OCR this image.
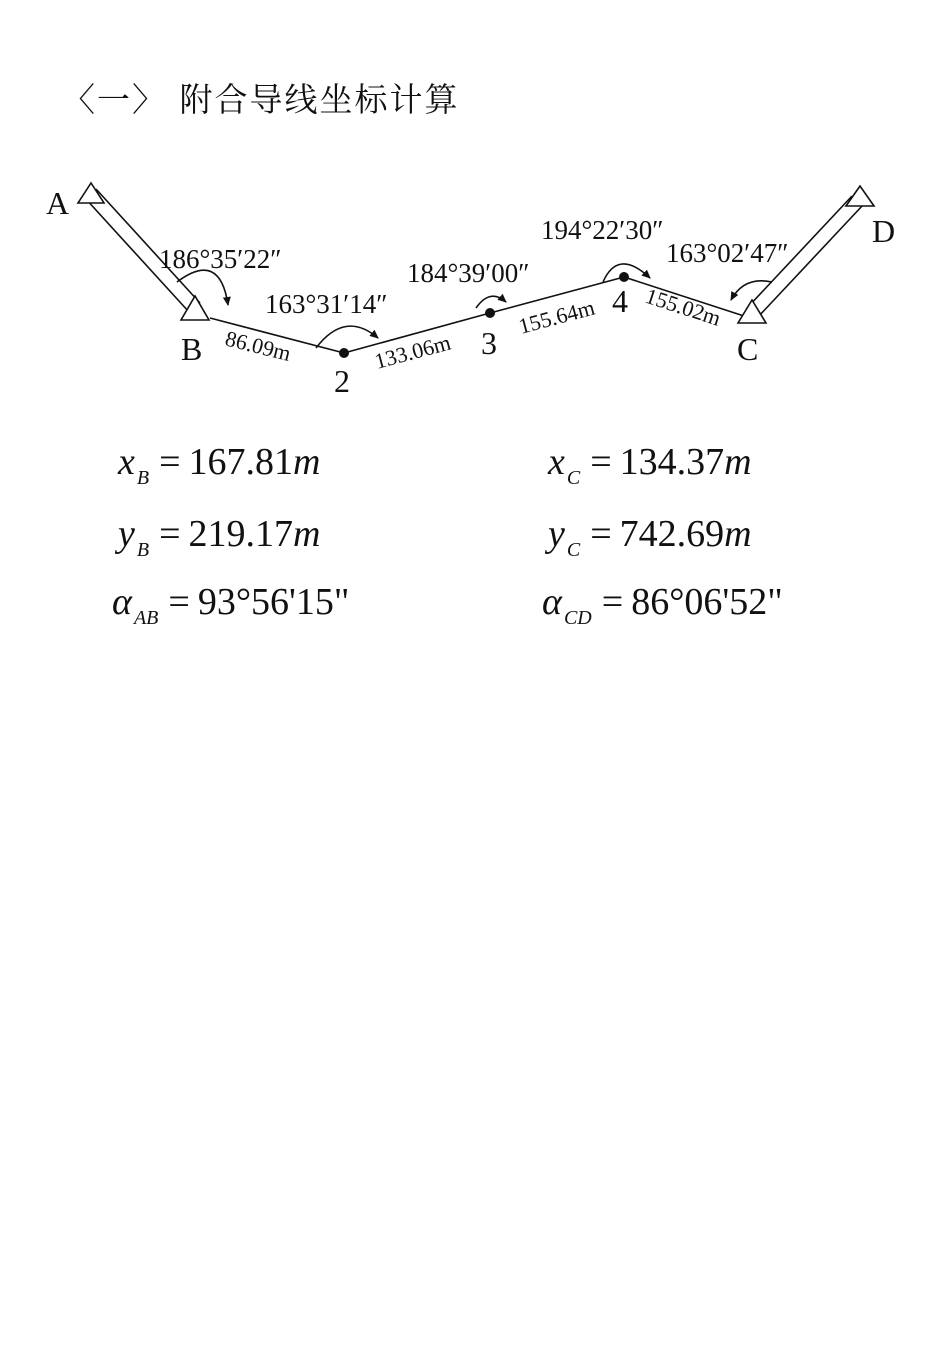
〈一〉 附合导线坐标计算
A
B
2
3
4
C
D
186°35′22″
163°31′14″
184°39′00″
194°22′30″
163°02′47″
86.09m	133.06m
155.64m 155.02m
x $_B$ = 167.81m
y $_B$ = 219.17m
α $_{AB}$ = 93°56'15"
x $_C$ = 134.37m
y $_C$ = 742.69m
α $_{CD}$ = 86°06'52"
